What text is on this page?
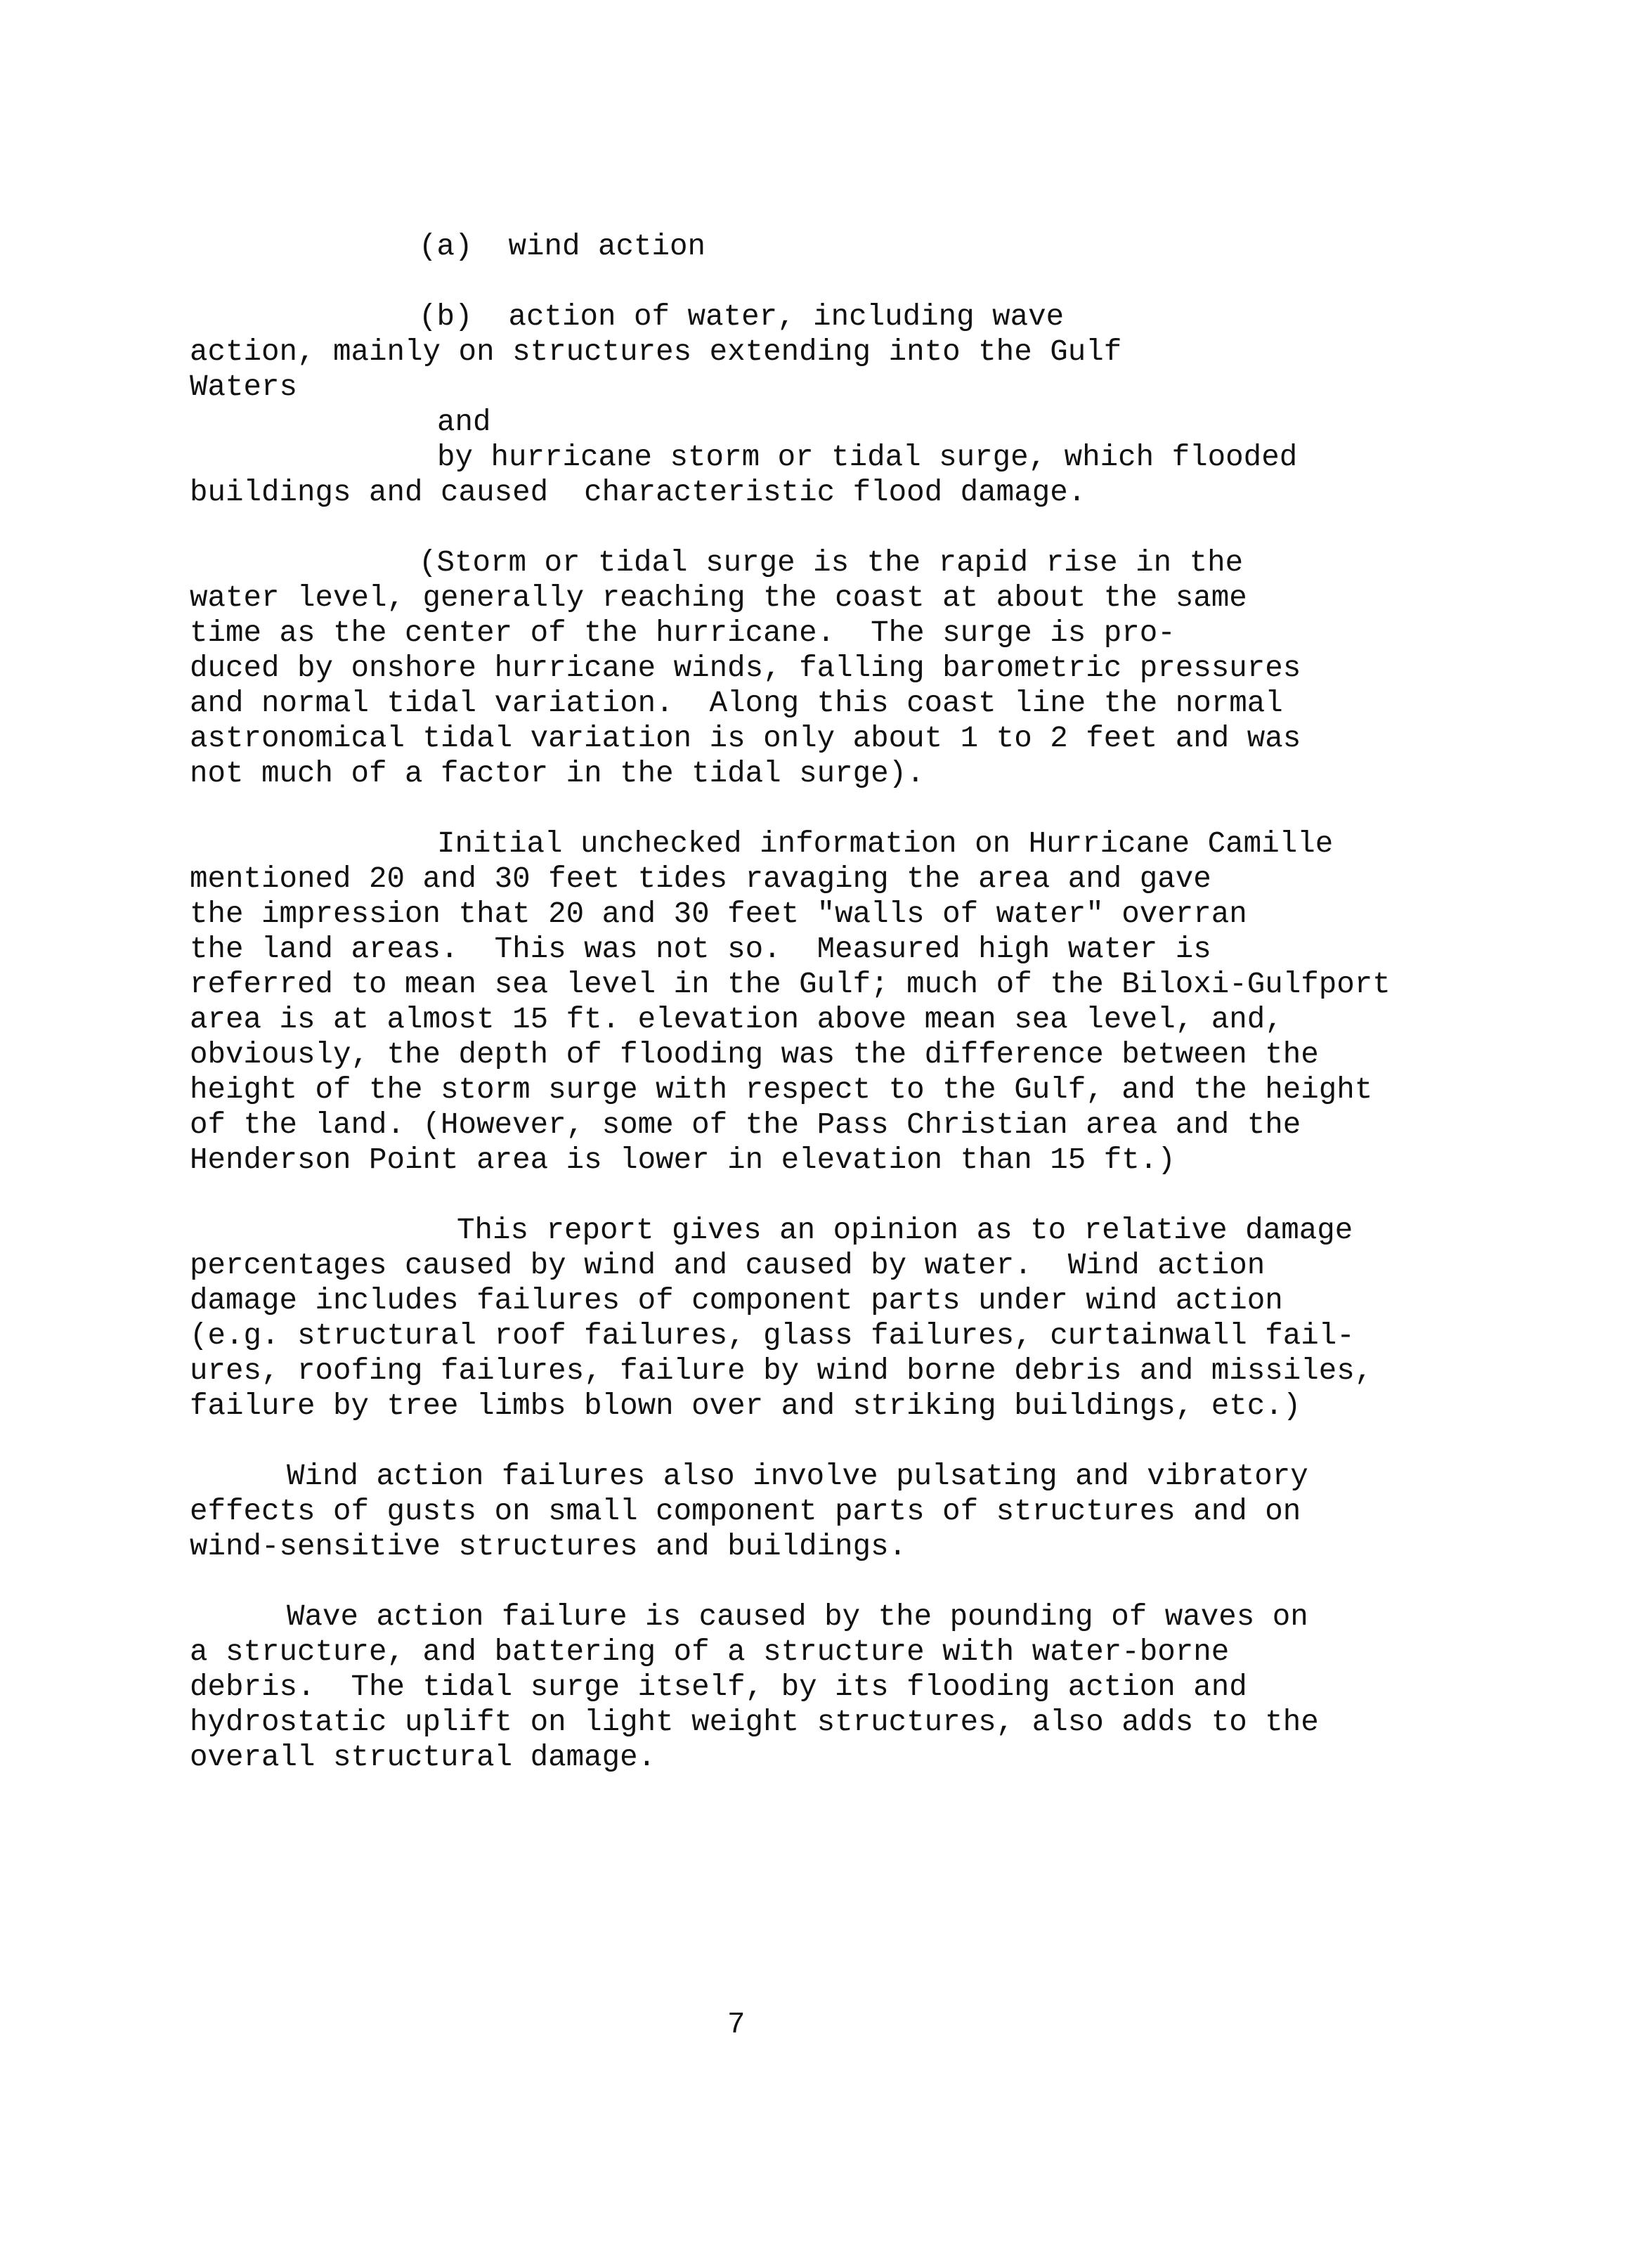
(a)  wind action
(b)  action of water, including wave
action, mainly on structures extending into the Gulf
Waters
and
by hurricane storm or tidal surge, which flooded
buildings and caused  characteristic flood damage.
(Storm or tidal surge is the rapid rise in the
water level, generally reaching the coast at about the same
time as the center of the hurricane.  The surge is pro-
duced by onshore hurricane winds, falling barometric pressures
and normal tidal variation.  Along this coast line the normal
astronomical tidal variation is only about 1 to 2 feet and was
not much of a factor in the tidal surge).
Initial unchecked information on Hurricane Camille
mentioned 20 and 30 feet tides ravaging the area and gave
the impression that 20 and 30 feet "walls of water" overran
the land areas.  This was not so.  Measured high water is
referred to mean sea level in the Gulf; much of the Biloxi-Gulfport
area is at almost 15 ft. elevation above mean sea level, and,
obviously, the depth of flooding was the difference between the
height of the storm surge with respect to the Gulf, and the height
of the land. (However, some of the Pass Christian area and the
Henderson Point area is lower in elevation than 15 ft.)
This report gives an opinion as to relative damage
percentages caused by wind and caused by water.  Wind action
damage includes failures of component parts under wind action
(e.g. structural roof failures, glass failures, curtainwall fail-
ures, roofing failures, failure by wind borne debris and missiles,
failure by tree limbs blown over and striking buildings, etc.)
Wind action failures also involve pulsating and vibratory
effects of gusts on small component parts of structures and on
wind-sensitive structures and buildings.
Wave action failure is caused by the pounding of waves on
a structure, and battering of a structure with water-borne
debris.  The tidal surge itself, by its flooding action and
hydrostatic uplift on light weight structures, also adds to the
overall structural damage.
7
